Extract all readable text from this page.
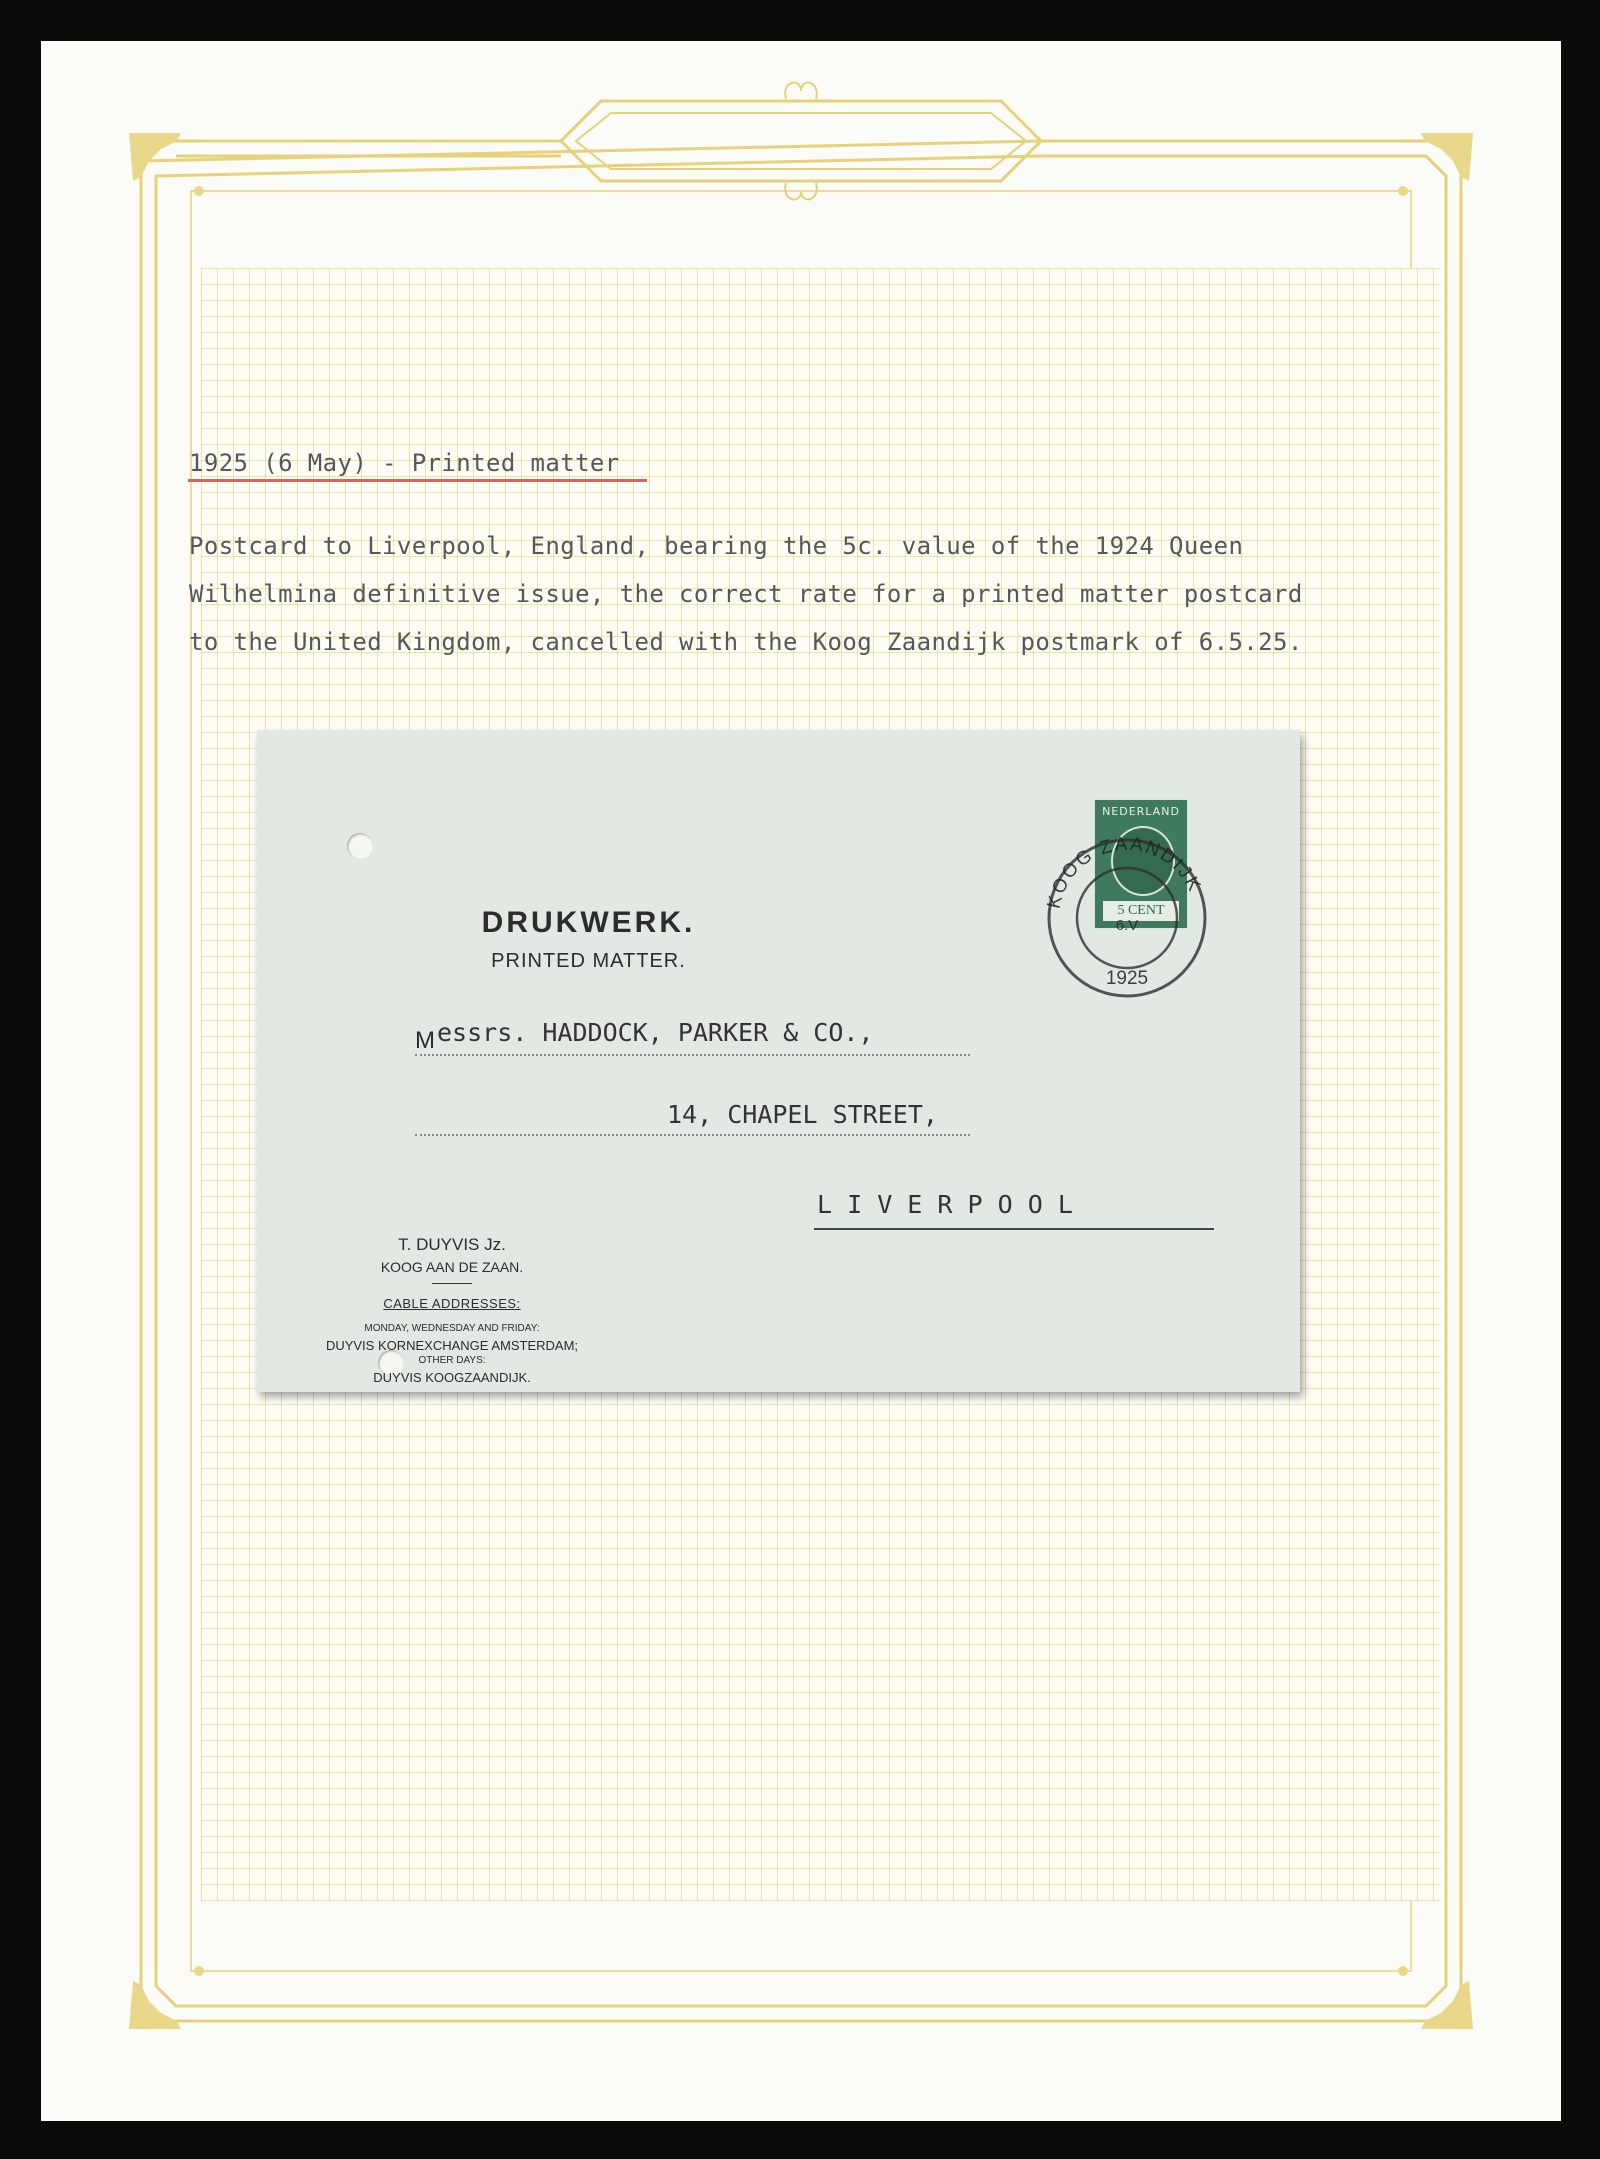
1925 (6 May) - Printed matter
Postcard to Liverpool, England, bearing the 5c. value of the 1924 Queen
Wilhelmina definitive issue, the correct rate for a printed matter postcard
to the United Kingdom, cancelled with the Koog Zaandijk postmark of 6.5.25.
DRUKWERK.
PRINTED MATTER.
NEDERLAND
5 CENT
KOOG ZAANDIJK
6.V
1925
M essrs. HADDOCK, PARKER & CO.,
14, CHAPEL STREET,
L I V E R P O O L
T. DUYVIS Jz.
KOOG AAN DE ZAAN.
CABLE ADDRESSES:
MONDAY, WEDNESDAY AND FRIDAY:
DUYVIS KORNEXCHANGE AMSTERDAM;
OTHER DAYS:
DUYVIS KOOGZAANDIJK.
